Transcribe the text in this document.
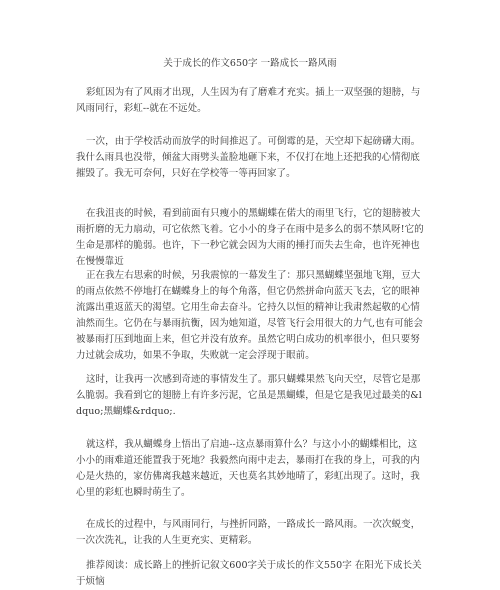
关于成长的作文650字 一路成长一路风雨

彩虹因为有了风雨才出现，人生因为有了磨难才充实。插上一双坚强的翅膀，与风雨同行，彩虹--就在不远处。

一次，由于学校活动而放学的时间推迟了。可倒霉的是，天空却下起磅礴大雨。我什么雨具也没带，倾盆大雨劈头盖脸地砸下来，不仅打在地上还把我的心情彻底摧毁了。我无可奈何，只好在学校等一等再回家了。

在我沮丧的时候，看到前面有只瘦小的黑蝴蝶在偌大的雨里飞行，它的翅膀被大雨折磨的无力扇动，可它依然飞着。它小小的身子在雨中是多么的弱不禁风呀!它的生命是那样的脆弱。也许，下一秒它就会因为大雨的捶打而失去生命，也许死神也在慢慢靠近

正在我左右思索的时候，另我震惊的一幕发生了：那只黑蝴蝶坚强地飞翔，豆大的雨点依然不停地打在蝴蝶身上的每个角落，但它仍然拼命向蓝天飞去，它的眼神流露出重返蓝天的渴望。它用生命去奋斗。它持久以恒的精神让我肃然起敬的心情油然而生。它仍在与暴雨抗衡，因为她知道，尽管飞行会用很大的力气,也有可能会被暴雨打压到地面上来，但它并没有放弃。虽然它明白成功的机率很小，但只要努力过就会成功，如果不争取，失败就一定会浮现于眼前。

这时，让我再一次感到奇迹的事情发生了。那只蝴蝶果然飞向天空，尽管它是那么脆弱。我看到它的翅膀上有许多污泥，它虽是黑蝴蝶，但是它是我见过最美的&ldquo;黑蝴蝶&rdquo;.

就这样，我从蝴蝶身上悟出了启迪--这点暴雨算什么？与这小小的蝴蝶相比，这小小的雨难道还能置我于死地？我毅然向雨中走去，暴雨打在我的身上，可我的内心是火热的，家仿佛离我越来越近，天也莫名其妙地晴了，彩虹出现了。这时，我心里的彩虹也瞬时萌生了。

在成长的过程中，与风雨同行，与挫折同路，一路成长一路风雨。一次次蜕变，一次次洗礼，让我的人生更充实、更精彩。

推荐阅读：成长路上的挫折记叙文600字关于成长的作文550字 在阳光下成长关于烦恼
